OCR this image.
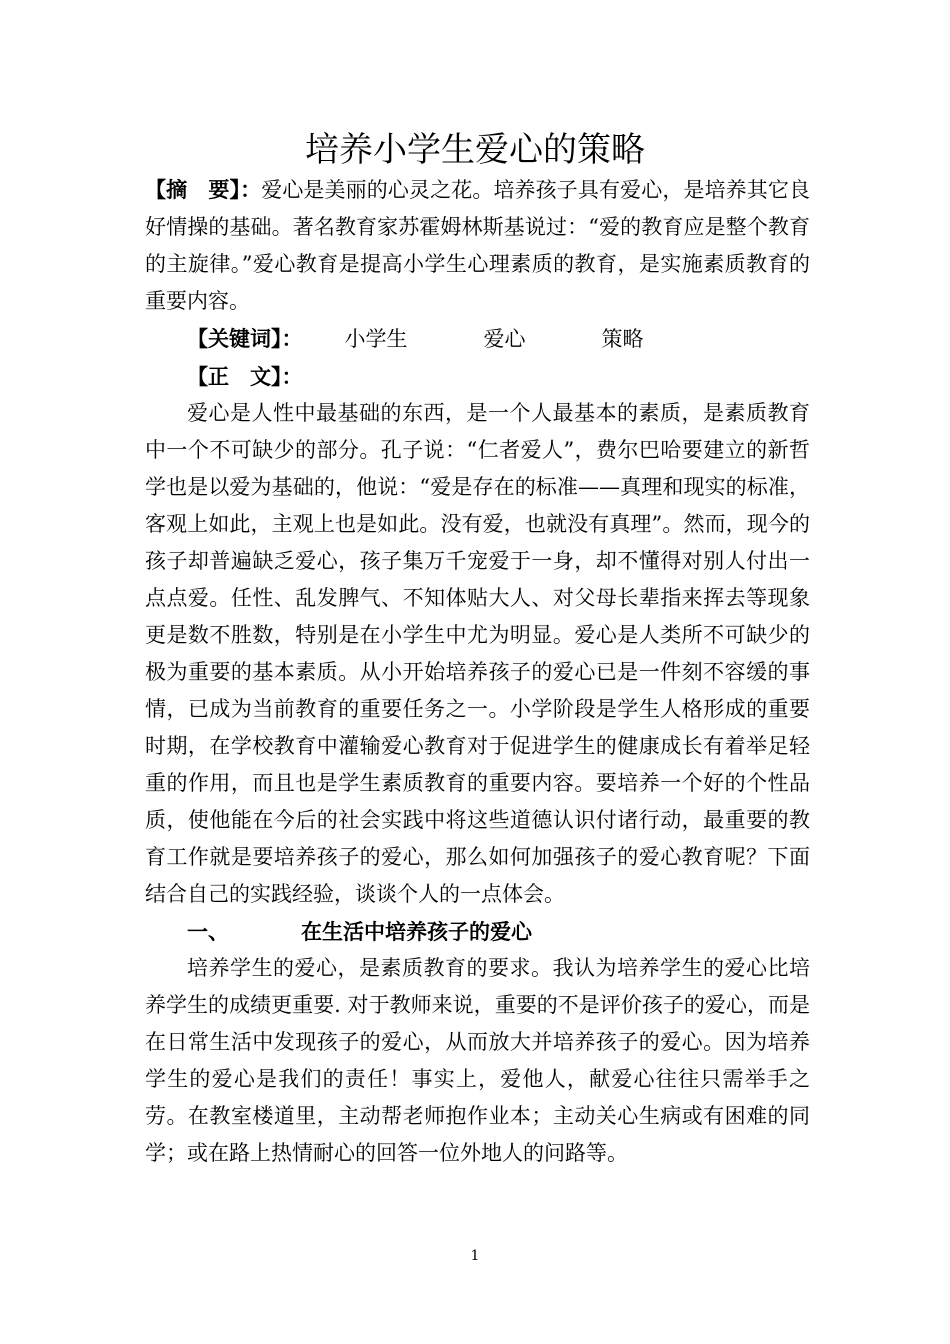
培养小学生爱心的策略

【摘　要】：爱心是美丽的心灵之花。培养孩子具有爱心，是培养其它良好情操的基础。著名教育家苏霍姆林斯基说过：“爱的教育应是整个教育的主旋律。”爱心教育是提高小学生心理素质的教育，是实施素质教育的重要内容。

【关键词】： 小学生	爱心	策略

【正　文】：

爱心是人性中最基础的东西，是一个人最基本的素质，是素质教育中一个不可缺少的部分。孔子说：“仁者爱人”，费尔巴哈要建立的新哲学也是以爱为基础的，他说：“爱是存在的标准——真理和现实的标准，客观上如此，主观上也是如此。没有爱，也就没有真理”。然而，现今的孩子却普遍缺乏爱心，孩子集万千宠爱于一身，却不懂得对别人付出一点点爱。任性、乱发脾气、不知体贴大人、对父母长辈指来挥去等现象更是数不胜数，特别是在小学生中尤为明显。爱心是人类所不可缺少的极为重要的基本素质。从小开始培养孩子的爱心已是一件刻不容缓的事情，已成为当前教育的重要任务之一。小学阶段是学生人格形成的重要时期，在学校教育中灌输爱心教育对于促进学生的健康成长有着举足轻重的作用，而且也是学生素质教育的重要内容。要培养一个好的个性品质，使他能在今后的社会实践中将这些道德认识付诸行动，最重要的教育工作就是要培养孩子的爱心，那么如何加强孩子的爱心教育呢？下面结合自己的实践经验，谈谈个人的一点体会。

一、	在生活中培养孩子的爱心

培养学生的爱心，是素质教育的要求。我认为培养学生的爱心比培养学生的成绩更重要. 对于教师来说，重要的不是评价孩子的爱心，而是在日常生活中发现孩子的爱心，从而放大并培养孩子的爱心。因为培养学生的爱心是我们的责任！事实上，爱他人，献爱心往往只需举手之劳。在教室楼道里，主动帮老师抱作业本；主动关心生病或有困难的同学；或在路上热情耐心的回答一位外地人的问路等。

1
